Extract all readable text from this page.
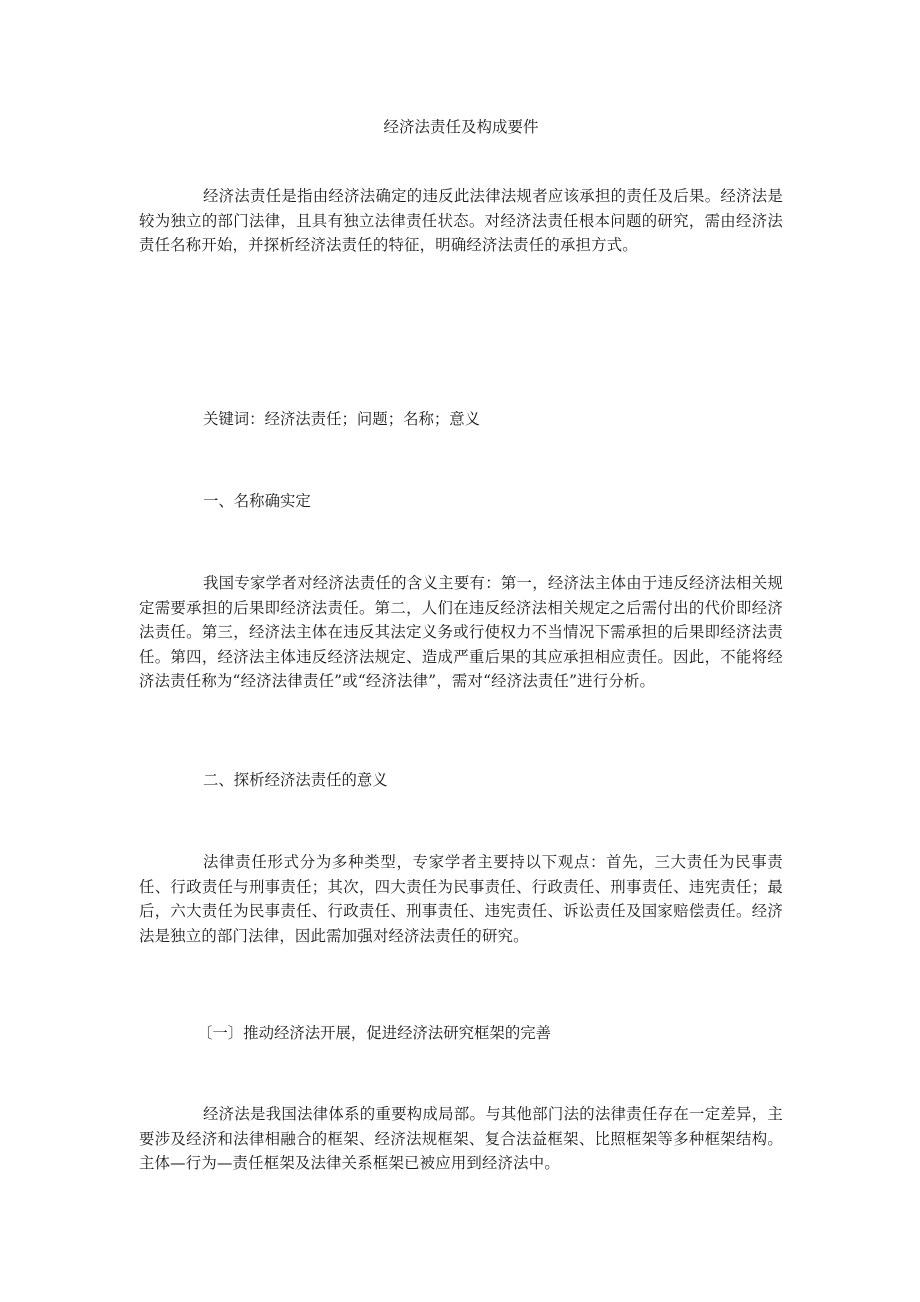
经济法责任及构成要件

经济法责任是指由经济法确定的违反此法律法规者应该承担的责任及后果。经济法是较为独立的部门法律，且具有独立法律责任状态。对经济法责任根本问题的研究，需由经济法责任名称开始，并探析经济法责任的特征，明确经济法责任的承担方式。

关键词：经济法责任；问题；名称；意义

一、名称确实定

我国专家学者对经济法责任的含义主要有：第一，经济法主体由于违反经济法相关规定需要承担的后果即经济法责任。第二，人们在违反经济法相关规定之后需付出的代价即经济法责任。第三，经济法主体在违反其法定义务或行使权力不当情况下需承担的后果即经济法责任。第四，经济法主体违反经济法规定、造成严重后果的其应承担相应责任。因此，不能将经济法责任称为“经济法律责任”或“经济法律”，需对“经济法责任”进行分析。

二、探析经济法责任的意义

法律责任形式分为多种类型，专家学者主要持以下观点：首先，三大责任为民事责任、行政责任与刑事责任；其次，四大责任为民事责任、行政责任、刑事责任、违宪责任；最后，六大责任为民事责任、行政责任、刑事责任、违宪责任、诉讼责任及国家赔偿责任。经济法是独立的部门法律，因此需加强对经济法责任的研究。

〔一〕推动经济法开展，促进经济法研究框架的完善

经济法是我国法律体系的重要构成局部。与其他部门法的法律责任存在一定差异，主要涉及经济和法律相融合的框架、经济法规框架、复合法益框架、比照框架等多种框架结构。主体—行为—责任框架及法律关系框架已被应用到经济法中。
